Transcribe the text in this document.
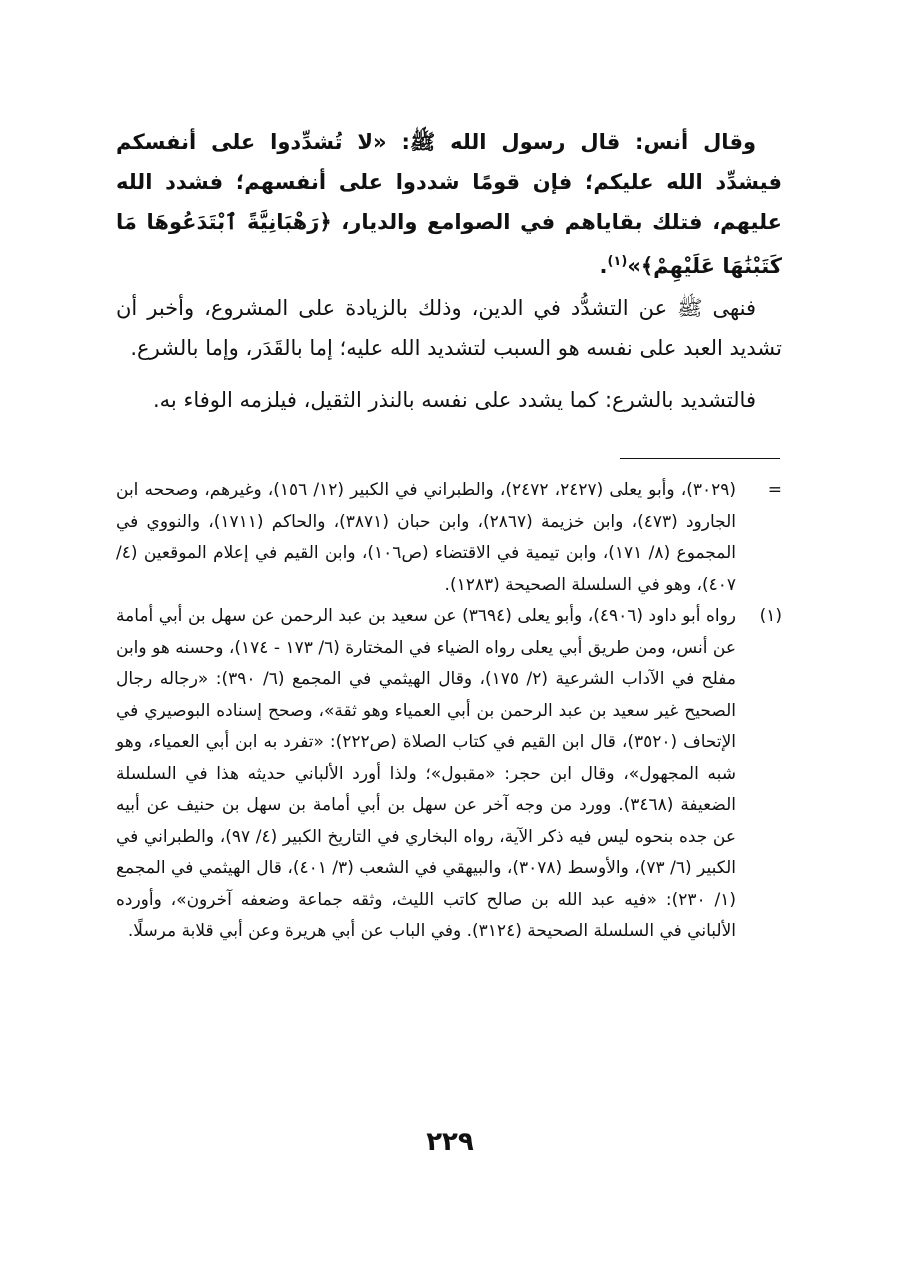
وقال أنس: قال رسول الله ﷺ: «لا تُشدِّدوا على أنفسكم فيشدِّد الله عليكم؛ فإن قومًا شددوا على أنفسهم؛ فشدد الله عليهم، فتلك بقاياهم في الصوامع والديار، ﴿رَهْبَانِيَّةً ٱبْتَدَعُوهَا مَا كَتَبْنَٰهَا عَلَيْهِمْ﴾»$^{(١)}$.
فنهى ﷺ عن التشدُّد في الدين، وذلك بالزيادة على المشروع، وأخبر أن تشديد العبد على نفسه هو السبب لتشديد الله عليه؛ إما بالقَدَر، وإما بالشرع.
فالتشديد بالشرع: كما يشدد على نفسه بالنذر الثقيل، فيلزمه الوفاء به.
=
(٣٠٢٩)، وأبو يعلى (٢٤٢٧، ٢٤٧٢)، والطبراني في الكبير (١٢/ ١٥٦)، وغيرهم، وصححه ابن الجارود (٤٧٣)، وابن خزيمة (٢٨٦٧)، وابن حبان (٣٨٧١)، والحاكم (١٧١١)، والنووي في المجموع (٨/ ١٧١)، وابن تيمية في الاقتضاء (ص١٠٦)، وابن القيم في إعلام الموقعين (٤/ ٤٠٧)، وهو في السلسلة الصحيحة (١٢٨٣).
(١)
رواه أبو داود (٤٩٠٦)، وأبو يعلى (٣٦٩٤) عن سعيد بن عبد الرحمن عن سهل بن أبي أمامة عن أنس، ومن طريق أبي يعلى رواه الضياء في المختارة (٦/ ١٧٣ - ١٧٤)، وحسنه هو وابن مفلح في الآداب الشرعية (٢/ ١٧٥)، وقال الهيثمي في المجمع (٦/ ٣٩٠): «رجاله رجال الصحيح غير سعيد بن عبد الرحمن بن أبي العمياء وهو ثقة»، وصحح إسناده البوصيري في الإتحاف (٣٥٢٠)، قال ابن القيم في كتاب الصلاة (ص٢٢٢): «تفرد به ابن أبي العمياء، وهو شبه المجهول»، وقال ابن حجر: «مقبول»؛ ولذا أورد الألباني حديثه هذا في السلسلة الضعيفة (٣٤٦٨). وورد من وجه آخر عن سهل بن أبي أمامة بن سهل بن حنيف عن أبيه عن جده بنحوه ليس فيه ذكر الآية، رواه البخاري في التاريخ الكبير (٤/ ٩٧)، والطبراني في الكبير (٦/ ٧٣)، والأوسط (٣٠٧٨)، والبيهقي في الشعب (٣/ ٤٠١)، قال الهيثمي في المجمع (١/ ٢٣٠): «فيه عبد الله بن صالح كاتب الليث، وثقه جماعة وضعفه آخرون»، وأورده الألباني في السلسلة الصحيحة (٣١٢٤). وفي الباب عن أبي هريرة وعن أبي قلابة مرسلًا.
٢٢٩
